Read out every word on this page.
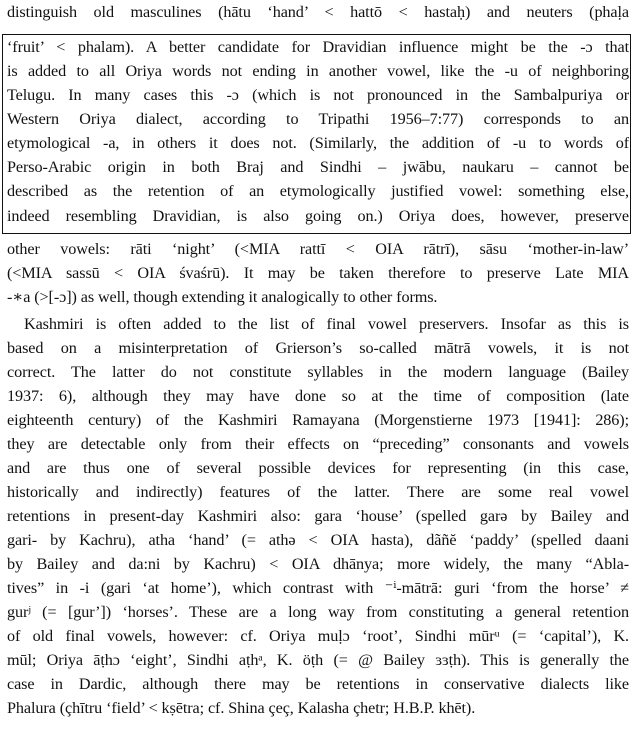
distinguish old masculines (hātu ‘hand’ < hattō < hastaḥ) and neuters (phaḷa
‘fruit’ < phalam). A better candidate for Dravidian influence might be the -ɔ that
is added to all Oriya words not ending in another vowel, like the -u of neighboring
Telugu. In many cases this -ɔ (which is not pronounced in the Sambalpuriya or
Western Oriya dialect, according to Tripathi 1956–7:77) corresponds to an
etymological -a, in others it does not. (Similarly, the addition of -u to words of
Perso-Arabic origin in both Braj and Sindhi – jwābu, naukaru – cannot be
described as the retention of an etymologically justified vowel: something else,
indeed resembling Dravidian, is also going on.) Oriya does, however, preserve
other vowels: rāti ‘night’ (<MIA rattī < OIA rātrī), sāsu ‘mother-in-law’
(<MIA sassū < OIA śvaśrū). It may be taken therefore to preserve Late MIA
-∗a (>[-ɔ]) as well, though extending it analogically to other forms.
Kashmiri is often added to the list of final vowel preservers. Insofar as this is
based on a misinterpretation of Grierson’s so-called mātrā vowels, it is not
correct. The latter do not constitute syllables in the modern language (Bailey
1937: 6), although they may have done so at the time of composition (late
eighteenth century) of the Kashmiri Ramayana (Morgenstierne 1973 [1941]: 286);
they are detectable only from their effects on “preceding” consonants and vowels
and are thus one of several possible devices for representing (in this case,
historically and indirectly) features of the latter. There are some real vowel
retentions in present-day Kashmiri also: gara ‘house’ (spelled garə by Bailey and
gari- by Kachru), atha ‘hand’ (= athə < OIA hasta), dãñĕ ‘paddy’ (spelled daani
by Bailey and da:ni by Kachru) < OIA dhānya; more widely, the many “Abla-
tives” in -i (gari ‘at home’), which contrast with ⁻ⁱ-mātrā: guri ‘from the horse’ ≠
gurʲ (= [gur’]) ‘horses’. These are a long way from constituting a general retention
of old final vowels, however: cf. Oriya muḷɔ ‘root’, Sindhi mūrᵘ (= ‘capital’), K.
mūl; Oriya āṭhɔ ‘eight’, Sindhi aṭhᵃ, K. öṭh (= @ Bailey ɜɜṭh). This is generally the
case in Dardic, although there may be retentions in conservative dialects like
Phalura (çhītru ‘field’ < kṣētra; cf. Shina çeç, Kalasha çhetr; H.B.P. khēt).
